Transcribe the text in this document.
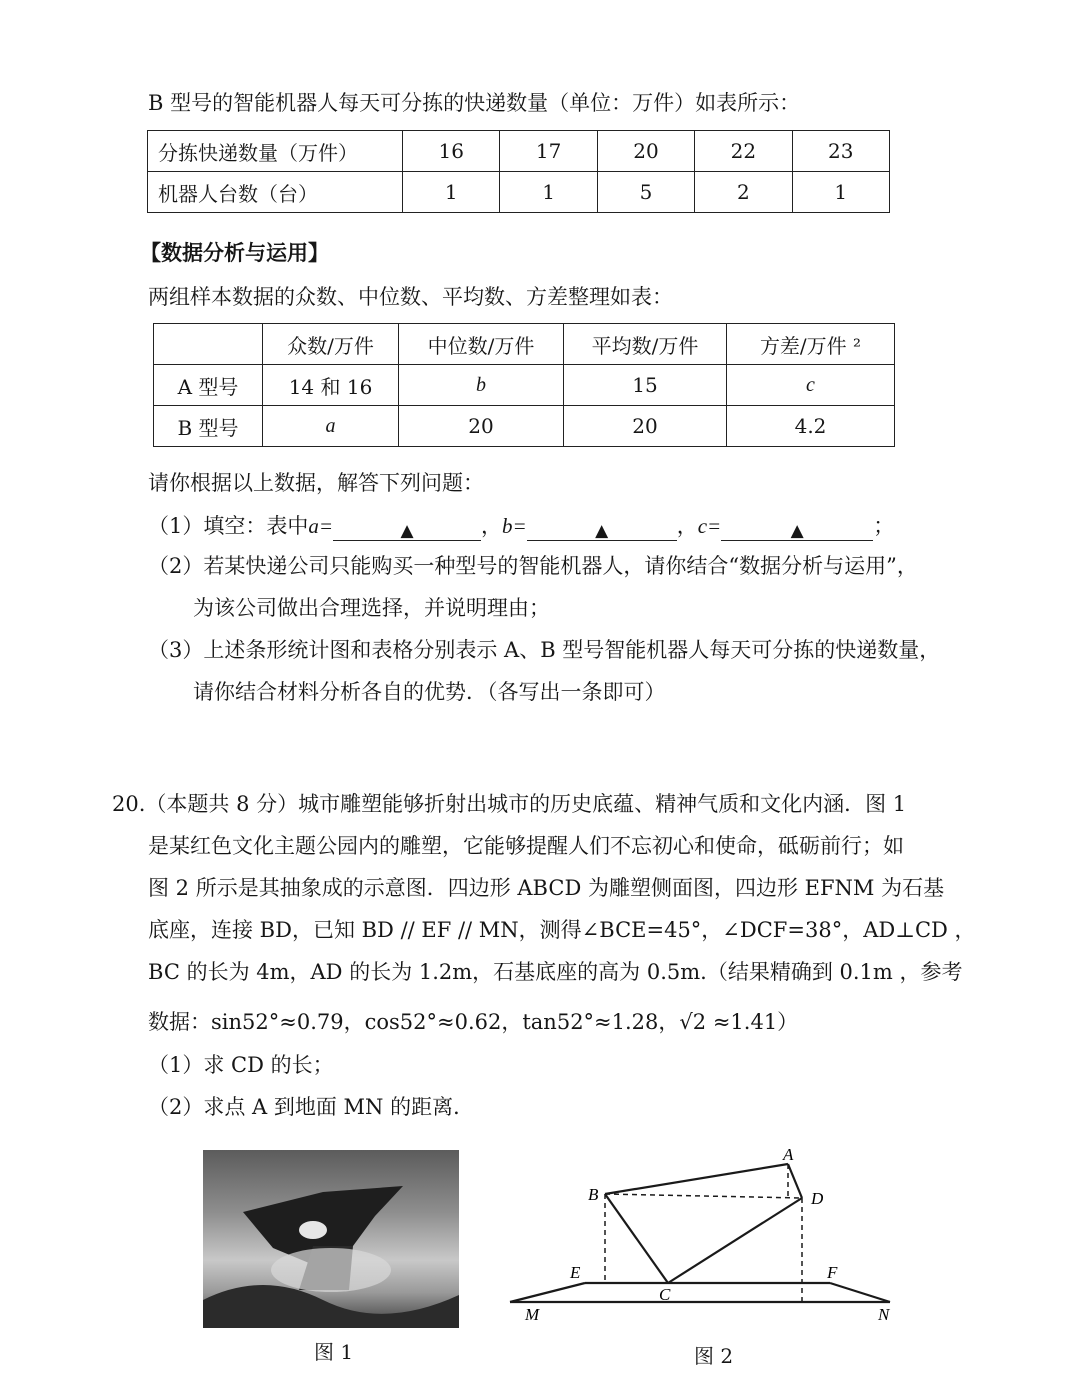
B 型号的智能机器人每天可分拣的快递数量（单位：万件）如表所示：
分拣快递数量（万件）	16	17	20	22	23
机器人台数（台）	1	1	5	2	1
【数据分析与运用】
两组样本数据的众数、中位数、平均数、方差整理如表：
	众数/万件	中位数/万件	平均数/万件	方差/万件 ²
A 型号	14 和 16	b	15	c
B 型号	a	20	20	4.2
请你根据以上数据，解答下列问题：
（1）填空：表中a=	▲	，b=	▲	，c=	▲	；
（2）若某快递公司只能购买一种型号的智能机器人，请你结合“数据分析与运用”，
为该公司做出合理选择，并说明理由；
（3）上述条形统计图和表格分别表示 A、B 型号智能机器人每天可分拣的快递数量，
请你结合材料分析各自的优势．（各写出一条即可）
20.（本题共 8 分）城市雕塑能够折射出城市的历史底蕴、精神气质和文化内涵．图 1
是某红色文化主题公园内的雕塑，它能够提醒人们不忘初心和使命，砥砺前行；如
图 2 所示是其抽象成的示意图．四边形 ABCD 为雕塑侧面图，四边形 EFNM 为石基
底座，连接 BD，已知 BD // EF // MN，测得∠BCE=45°，∠DCF=38°，AD⊥CD ，
BC 的长为 4m，AD 的长为 1.2m，石基底座的高为 0.5m.（结果精确到 0.1m ，参考
数据：sin52°≈0.79，cos52°≈0.62，tan52°≈1.28，√2 ≈1.41）
（1）求 CD 的长；
（2）求点 A 到地面 MN 的距离．
图 1
B
A
D
C
E	F
M	N
图 2
